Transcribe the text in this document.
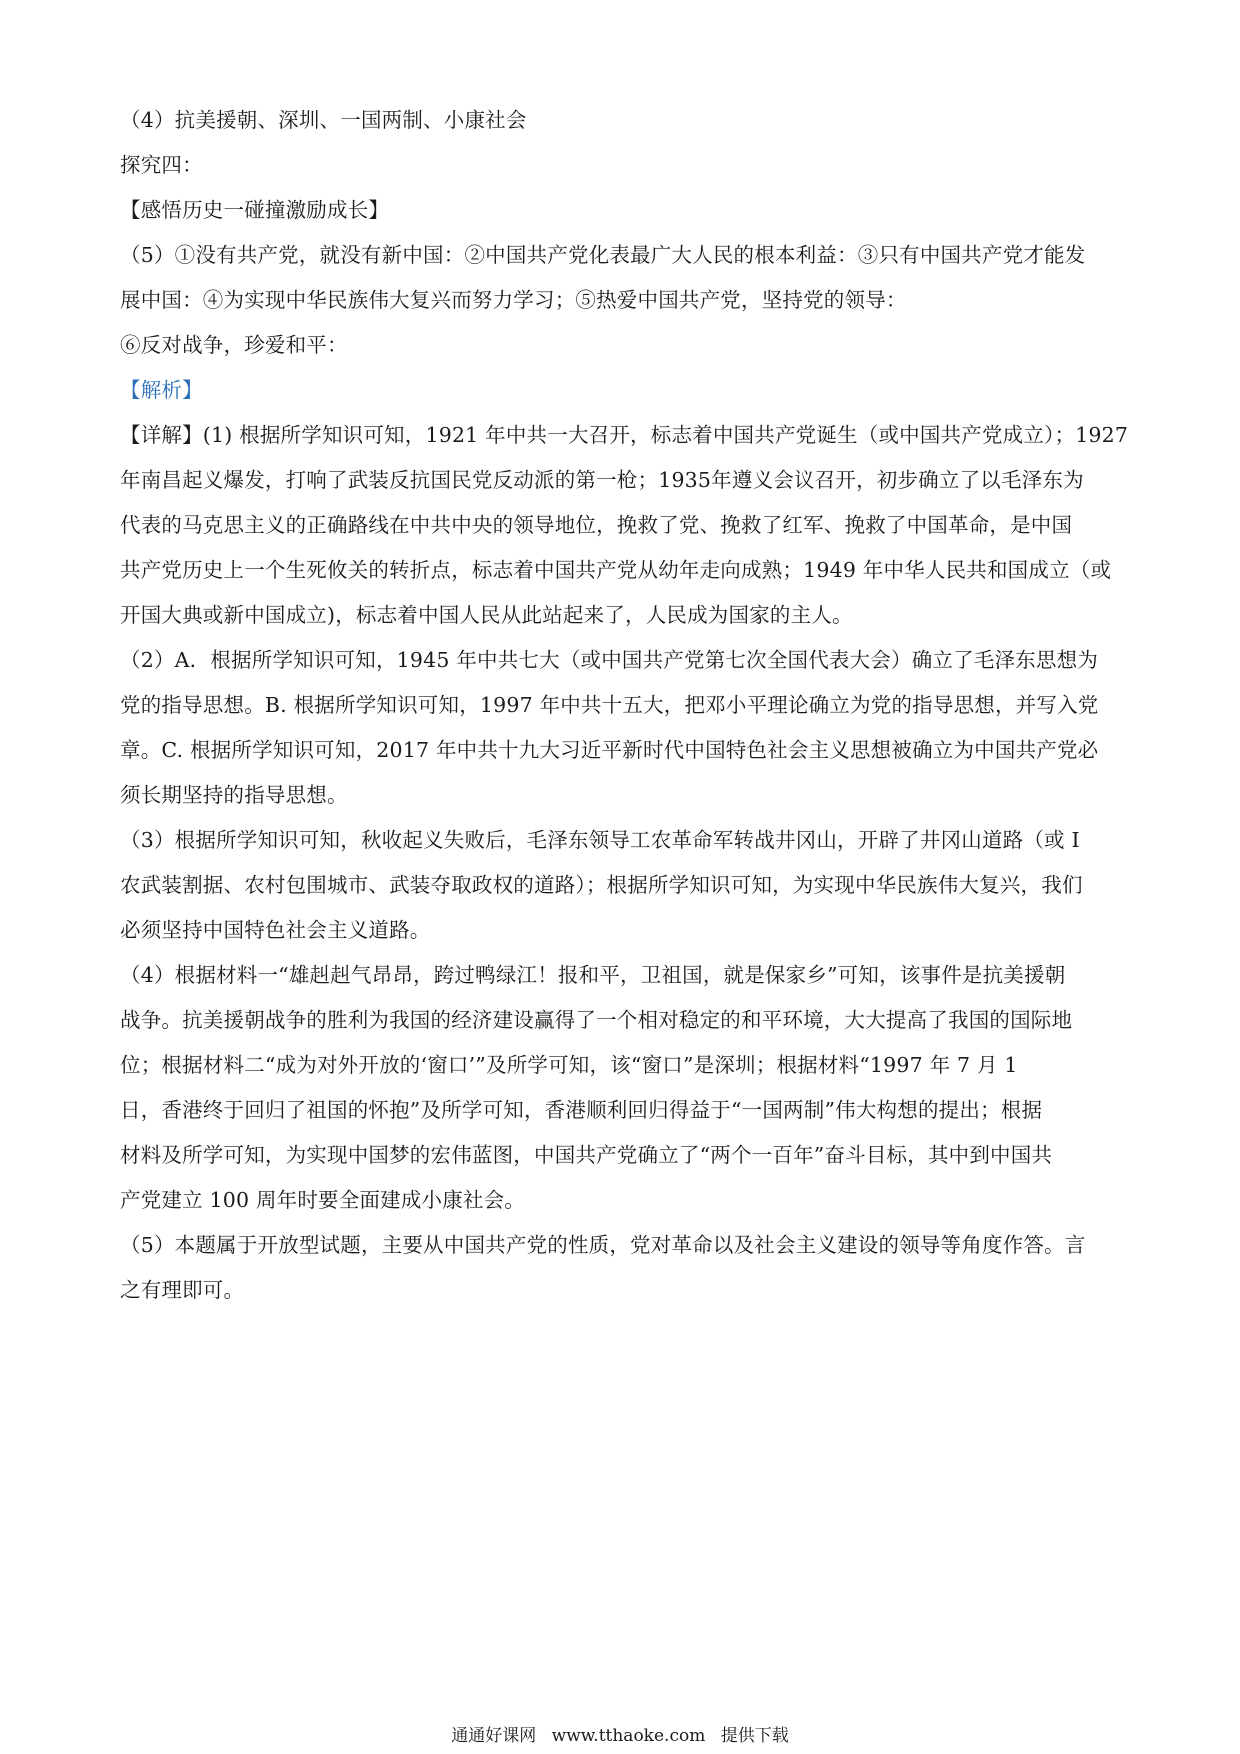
（4）抗美援朝、深圳、一国两制、小康社会

探究四：

【感悟历史一碰撞激励成长】

（5）①没有共产党，就没有新中国：②中国共产党化表最广大人民的根本利益：③只有中国共产党才能发

展中国：④为实现中华民族伟大复兴而努力学习；⑤热爱中国共产党，坚持党的领导：

⑥反对战争，珍爱和平：

【解析】

【详解】(1) 根据所学知识可知，1921 年中共一大召开，标志着中国共产党诞生（或中国共产党成立）；1927

年南昌起义爆发，打响了武装反抗国民党反动派的第一枪；1935年遵义会议召开，初步确立了以毛泽东为

代表的马克思主义的正确路线在中共中央的领导地位，挽救了党、挽救了红军、挽救了中国革命，是中国

共产党历史上一个生死攸关的转折点，标志着中国共产党从幼年走向成熟；1949 年中华人民共和国成立（或

开国大典或新中国成立)，标志着中国人民从此站起来了，人民成为国家的主人。

（2）A．根据所学知识可知，1945 年中共七大（或中国共产党第七次全国代表大会）确立了毛泽东思想为

党的指导思想。B. 根据所学知识可知，1997 年中共十五大，把邓小平理论确立为党的指导思想，并写入党

章。C. 根据所学知识可知，2017 年中共十九大习近平新时代中国特色社会主义思想被确立为中国共产党必

须长期坚持的指导思想。

（3）根据所学知识可知，秋收起义失败后，毛泽东领导工农革命军转战井冈山，开辟了井冈山道路（或 I

农武装割据、农村包围城市、武装夺取政权的道路）；根据所学知识可知，为实现中华民族伟大复兴，我们

必须坚持中国特色社会主义道路。

（4）根据材料一“雄赳赳气昂昂，跨过鸭绿江！报和平，卫祖国，就是保家乡”可知，该事件是抗美援朝

战争。抗美援朝战争的胜利为我国的经济建设赢得了一个相对稳定的和平环境，大大提高了我国的国际地

位；根据材料二“成为对外开放的‘窗口’”及所学可知，该“窗口”是深圳；根据材料“1997 年 7 月 1

日，香港终于回归了祖国的怀抱”及所学可知，香港顺利回归得益于“一国两制”伟大构想的提出；根据

材料及所学可知，为实现中国梦的宏伟蓝图，中国共产党确立了“两个一百年”奋斗目标，其中到中国共

产党建立 100 周年时要全面建成小康社会。

（5）本题属于开放型试题，主要从中国共产党的性质，党对革命以及社会主义建设的领导等角度作答。言

之有理即可。

通通好课网 www.tthaoke.com 提供下载
